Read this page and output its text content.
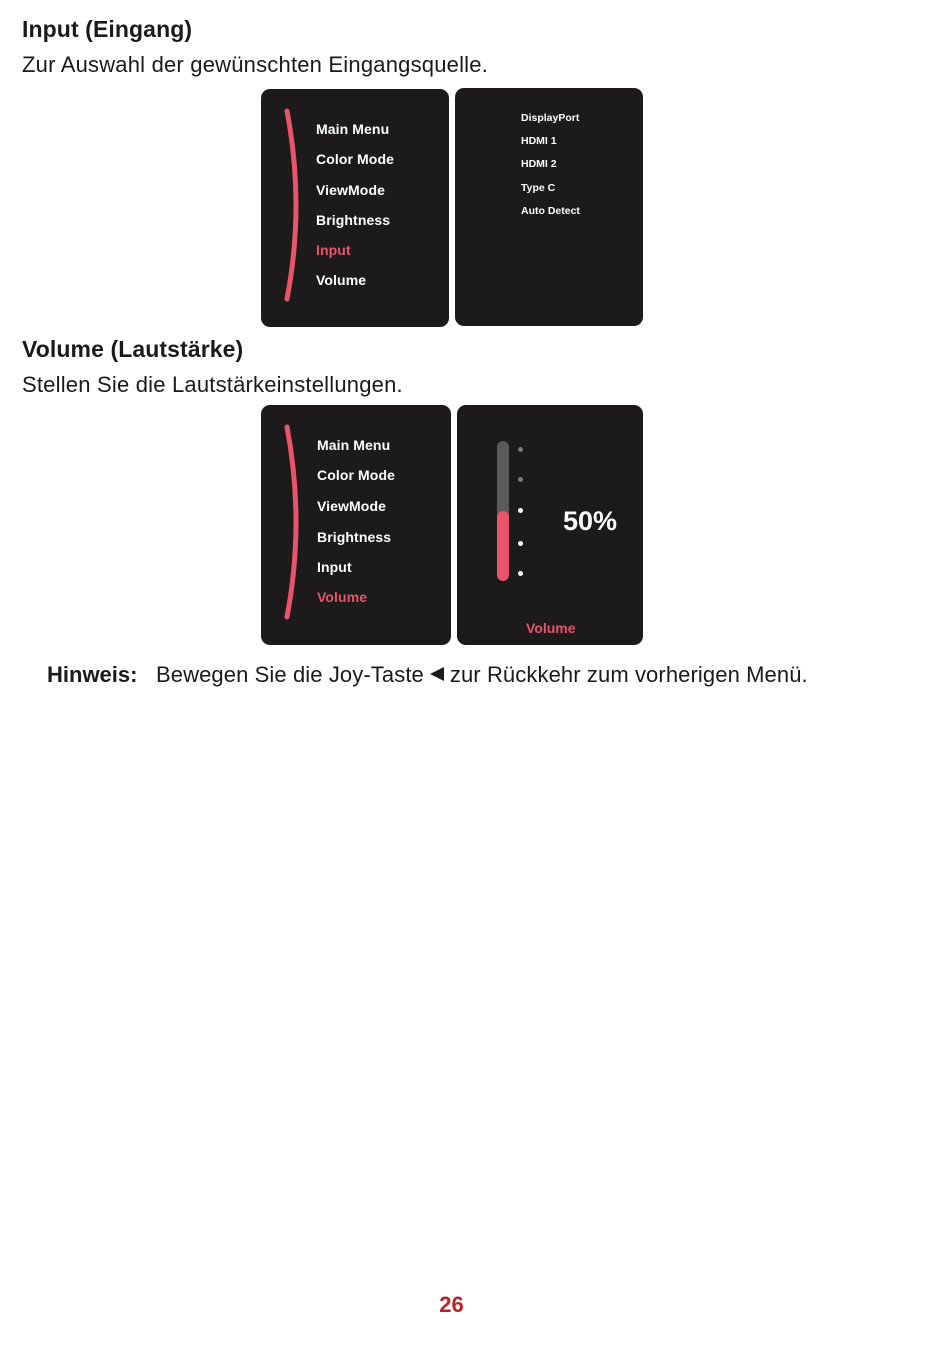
Input (Eingang)
Zur Auswahl der gewünschten Eingangsquelle.
Main Menu
Color Mode
ViewMode
Brightness
Input
Volume
DisplayPort
HDMI 1
HDMI 2
Type C
Auto Detect
Volume (Lautstärke)
Stellen Sie die Lautstärkeinstellungen.
Main Menu
Color Mode
ViewMode
Brightness
Input
Volume
50%
Volume
Hinweis: Bewegen Sie die Joy-Taste zur Rückkehr zum vorherigen Menü.
26
